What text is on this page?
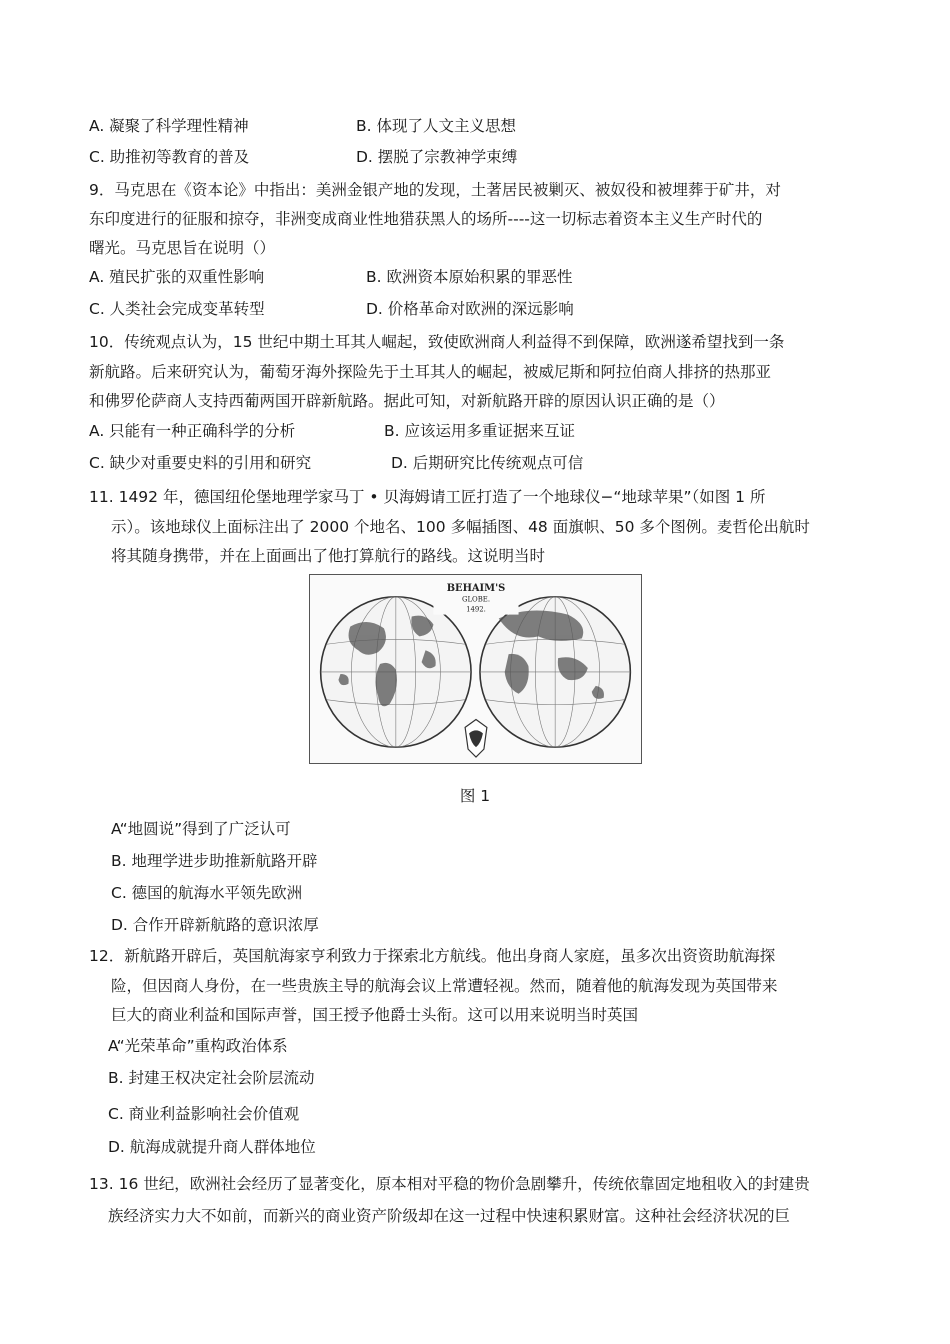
A. 凝聚了科学理性精神	B. 体现了人文主义思想
C. 助推初等教育的普及	D. 摆脱了宗教神学束缚
9．马克思在《资本论》中指出：美洲金银产地的发现，土著居民被剿灭、被奴役和被埋葬于矿井，对
东印度进行的征服和掠夺，非洲变成商业性地猎获黑人的场所----这一切标志着资本主义生产时代的
曙光。马克思旨在说明（）
A. 殖民扩张的双重性影响	B. 欧洲资本原始积累的罪恶性
C. 人类社会完成变革转型	D. 价格革命对欧洲的深远影响
10．传统观点认为，15 世纪中期土耳其人崛起，致使欧洲商人利益得不到保障，欧洲遂希望找到一条
新航路。后来研究认为，葡萄牙海外探险先于土耳其人的崛起，被威尼斯和阿拉伯商人排挤的热那亚
和佛罗伦萨商人支持西葡两国开辟新航路。据此可知，对新航路开辟的原因认识正确的是（）
A. 只能有一种正确科学的分析	B. 应该运用多重证据来互证
C. 缺少对重要史料的引用和研究	D. 后期研究比传统观点可信
11. 1492 年，德国纽伦堡地理学家马丁 • 贝海姆请工匠打造了一个地球仪−“地球苹果”（如图 1 所
示）。该地球仪上面标注出了 2000 个地名、100 多幅插图、48 面旗帜、50 多个图例。麦哲伦出航时
将其随身携带，并在上面画出了他打算航行的路线。这说明当时
BEHAIM'S
GLOBE.
1492.
图 1
A“地圆说”得到了广泛认可
B. 地理学进步助推新航路开辟
C. 德国的航海水平领先欧洲
D. 合作开辟新航路的意识浓厚
12．新航路开辟后，英国航海家亨利致力于探索北方航线。他出身商人家庭，虽多次出资资助航海探
险，但因商人身份，在一些贵族主导的航海会议上常遭轻视。然而，随着他的航海发现为英国带来
巨大的商业利益和国际声誉，国王授予他爵士头衔。这可以用来说明当时英国
A“光荣革命”重构政治体系
B. 封建王权决定社会阶层流动
C. 商业利益影响社会价值观
D. 航海成就提升商人群体地位
13. 16 世纪，欧洲社会经历了显著变化，原本相对平稳的物价急剧攀升，传统依靠固定地租收入的封建贵
族经济实力大不如前，而新兴的商业资产阶级却在这一过程中快速积累财富。这种社会经济状况的巨
